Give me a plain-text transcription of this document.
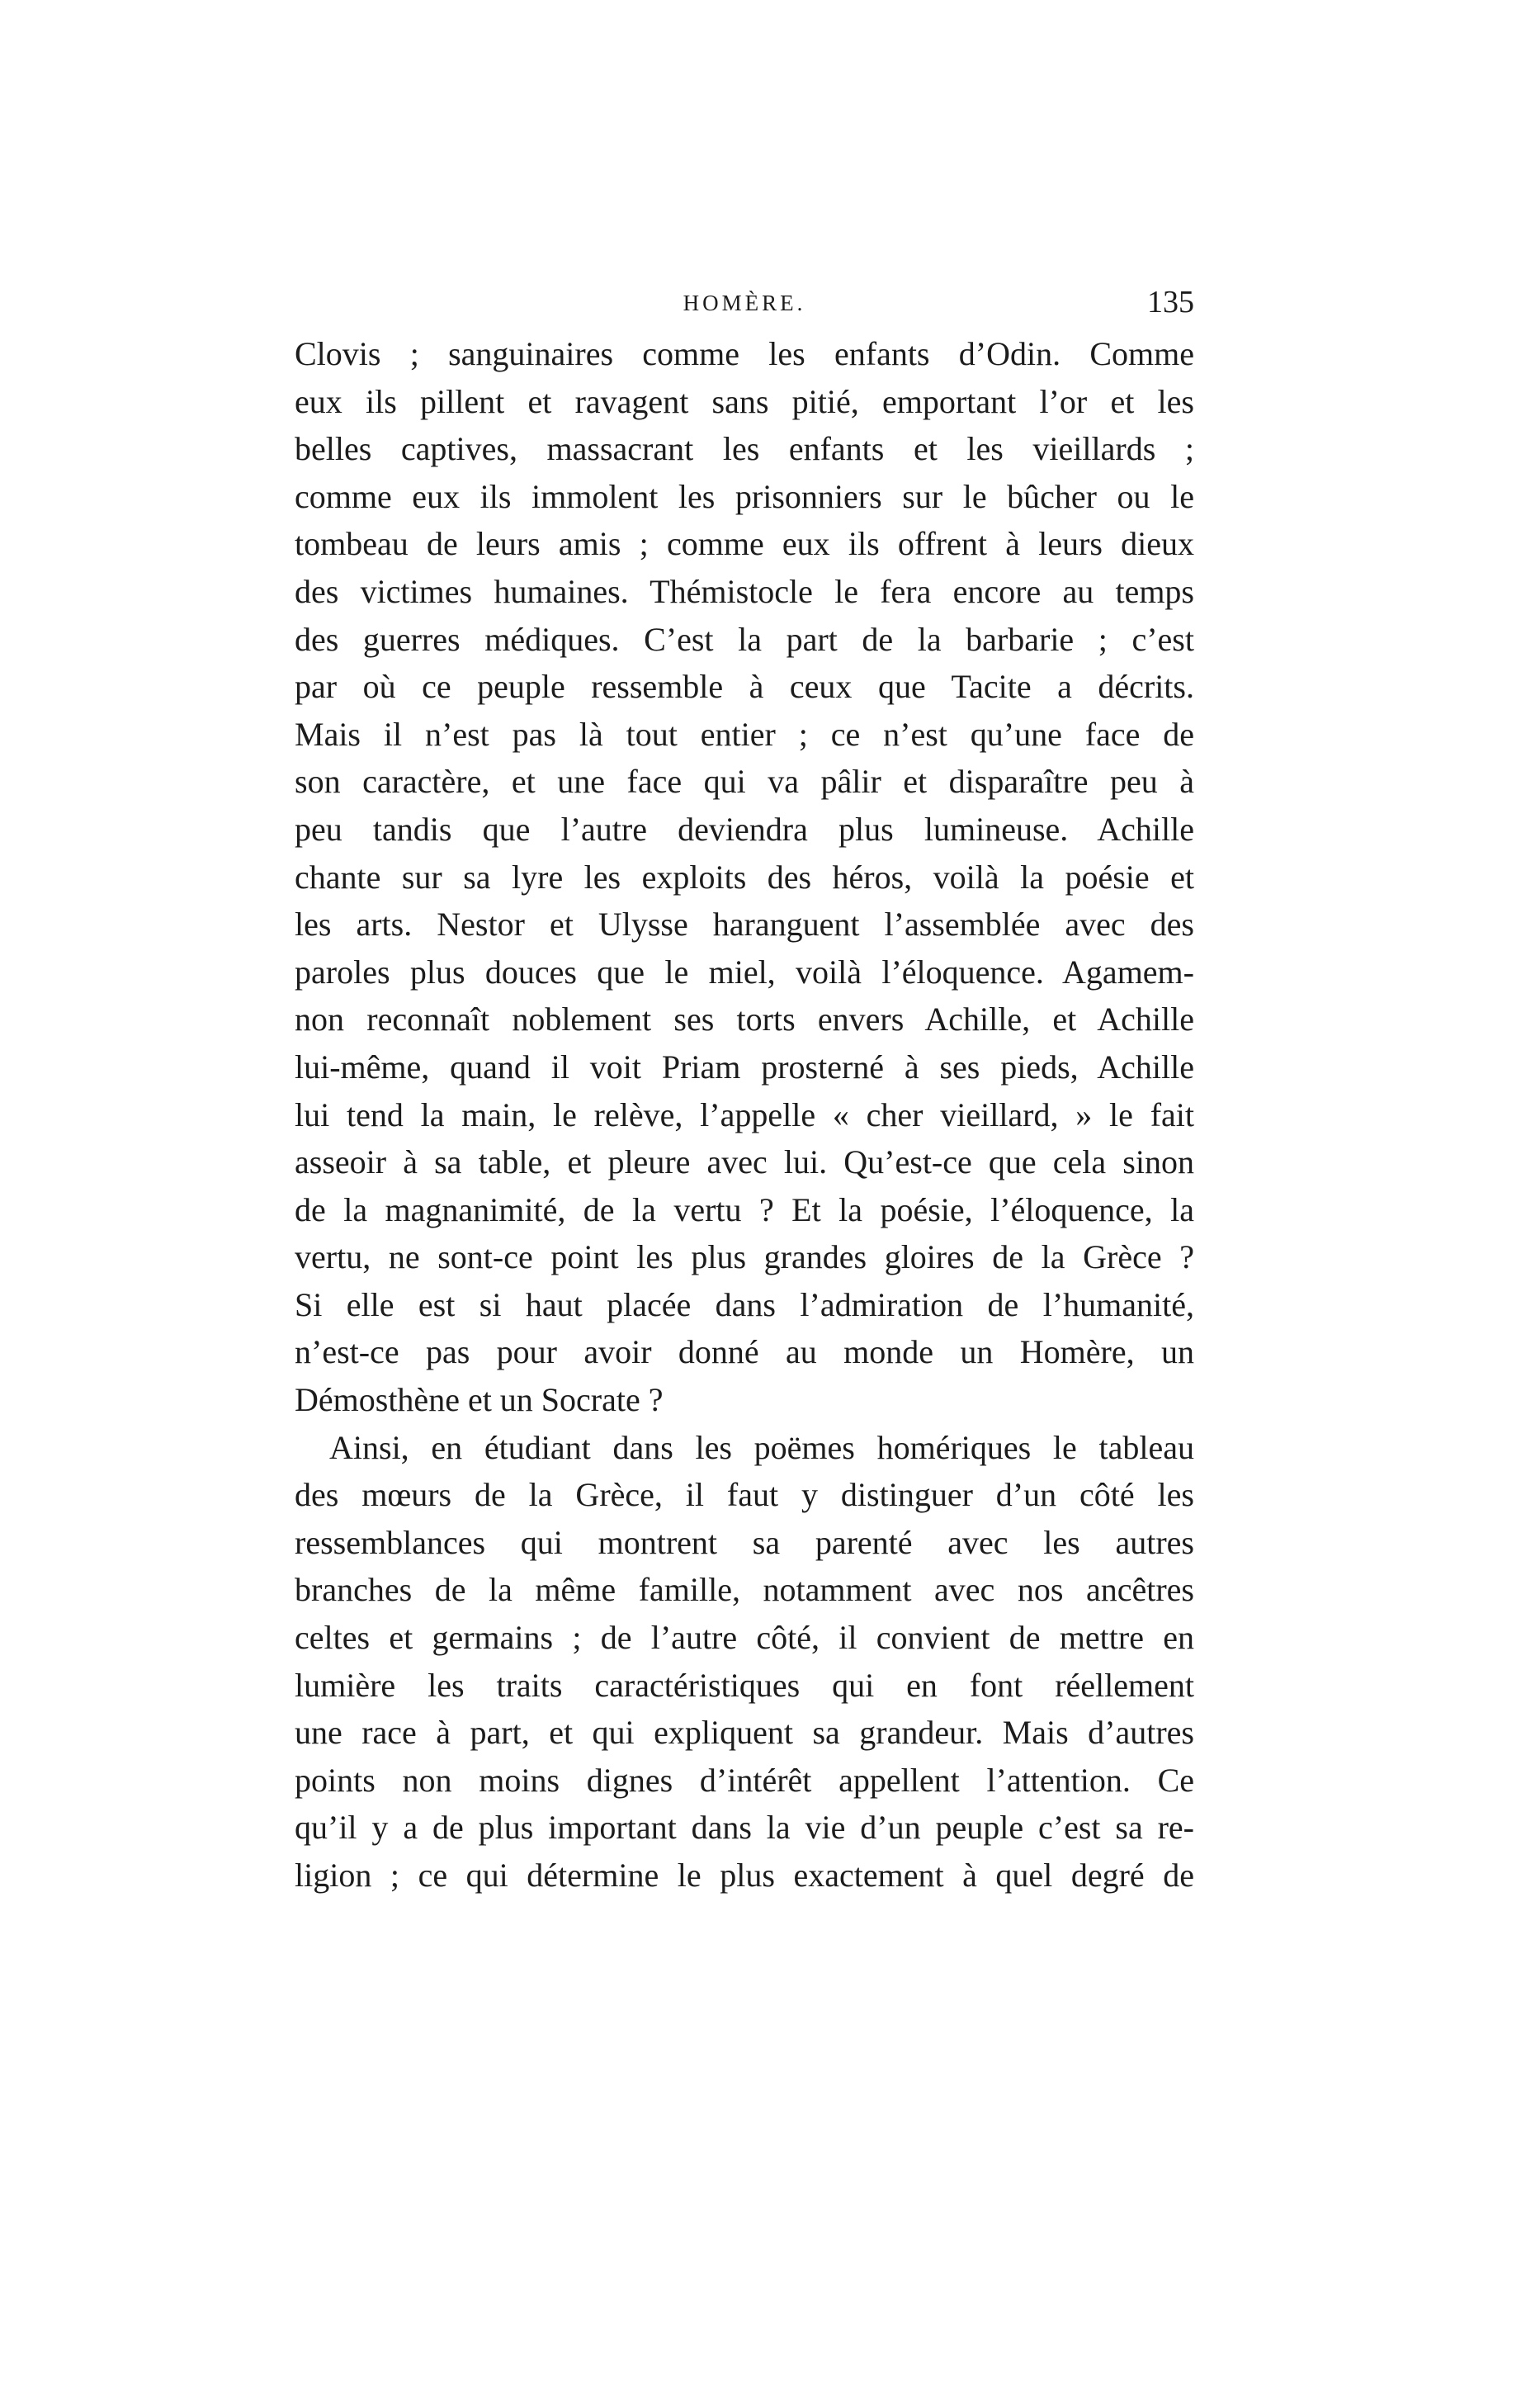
HOMÈRE.	135
Clovis ; sanguinaires comme les enfants d’Odin. Comme
eux ils pillent et ravagent sans pitié, emportant l’or et les
belles captives, massacrant les enfants et les vieillards ;
comme eux ils immolent les prisonniers sur le bûcher ou le
tombeau de leurs amis ; comme eux ils offrent à leurs dieux
des victimes humaines. Thémistocle le fera encore au temps
des guerres médiques. C’est la part de la barbarie ; c’est
par où ce peuple ressemble à ceux que Tacite a décrits.
Mais il n’est pas là tout entier ; ce n’est qu’une face de
son caractère, et une face qui va pâlir et disparaître peu à
peu tandis que l’autre deviendra plus lumineuse. Achille
chante sur sa lyre les exploits des héros, voilà la poésie et
les arts. Nestor et Ulysse haranguent l’assemblée avec des
paroles plus douces que le miel, voilà l’éloquence. Agamem-
non reconnaît noblement ses torts envers Achille, et Achille
lui-même, quand il voit Priam prosterné à ses pieds, Achille
lui tend la main, le relève, l’appelle « cher vieillard, » le fait
asseoir à sa table, et pleure avec lui. Qu’est-ce que cela sinon
de la magnanimité, de la vertu ? Et la poésie, l’éloquence, la
vertu, ne sont-ce point les plus grandes gloires de la Grèce ?
Si elle est si haut placée dans l’admiration de l’humanité,
n’est-ce pas pour avoir donné au monde un Homère, un
Démosthène et un Socrate ?
Ainsi, en étudiant dans les poëmes homériques le tableau
des mœurs de la Grèce, il faut y distinguer d’un côté les
ressemblances qui montrent sa parenté avec les autres
branches de la même famille, notamment avec nos ancêtres
celtes et germains ; de l’autre côté, il convient de mettre en
lumière les traits caractéristiques qui en font réellement
une race à part, et qui expliquent sa grandeur. Mais d’autres
points non moins dignes d’intérêt appellent l’attention. Ce
qu’il y a de plus important dans la vie d’un peuple c’est sa re-
ligion ; ce qui détermine le plus exactement à quel degré de
